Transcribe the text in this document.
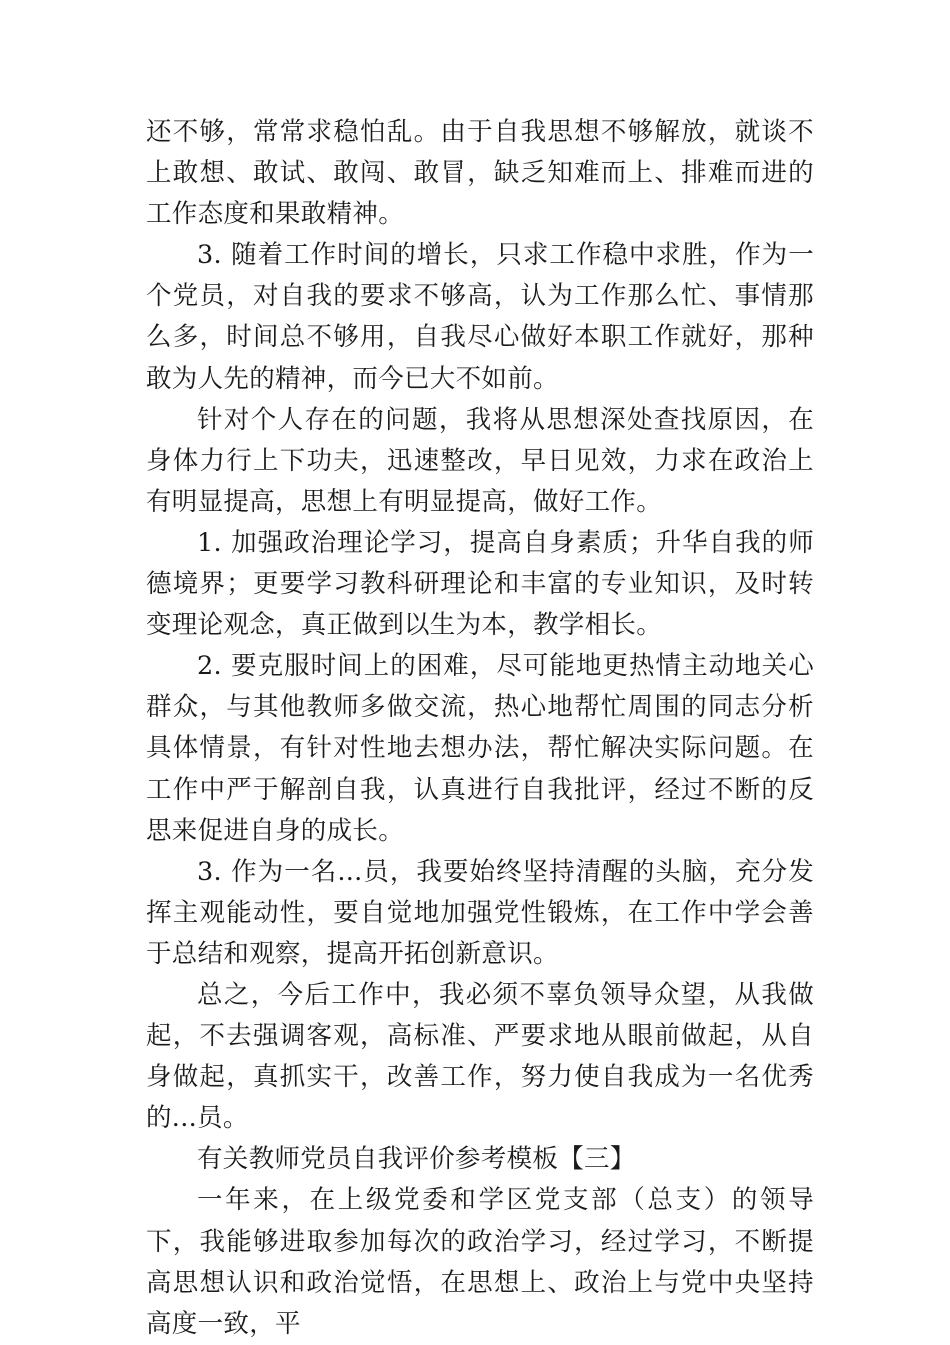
还不够，常常求稳怕乱。由于自我思想不够解放，就谈不上敢想、敢试、敢闯、敢冒，缺乏知难而上、排难而进的工作态度和果敢精神。

3. 随着工作时间的增长，只求工作稳中求胜，作为一个党员，对自我的要求不够高，认为工作那么忙、事情那么多，时间总不够用，自我尽心做好本职工作就好，那种敢为人先的精神，而今已大不如前。

针对个人存在的问题，我将从思想深处查找原因，在身体力行上下功夫，迅速整改，早日见效，力求在政治上有明显提高，思想上有明显提高，做好工作。

1. 加强政治理论学习，提高自身素质；升华自我的师德境界；更要学习教科研理论和丰富的专业知识，及时转变理论观念，真正做到以生为本，教学相长。

2. 要克服时间上的困难，尽可能地更热情主动地关心群众，与其他教师多做交流，热心地帮忙周围的同志分析具体情景，有针对性地去想办法，帮忙解决实际问题。在工作中严于解剖自我，认真进行自我批评，经过不断的反思来促进自身的成长。

3. 作为一名...员，我要始终坚持清醒的头脑，充分发挥主观能动性，要自觉地加强党性锻炼，在工作中学会善于总结和观察，提高开拓创新意识。

总之，今后工作中，我必须不辜负领导众望，从我做起，不去强调客观，高标准、严要求地从眼前做起，从自身做起，真抓实干，改善工作，努力使自我成为一名优秀的...员。

有关教师党员自我评价参考模板【三】

一年来，在上级党委和学区党支部（总支）的领导下，我能够进取参加每次的政治学习，经过学习，不断提高思想认识和政治觉悟，在思想上、政治上与党中央坚持高度一致，平
